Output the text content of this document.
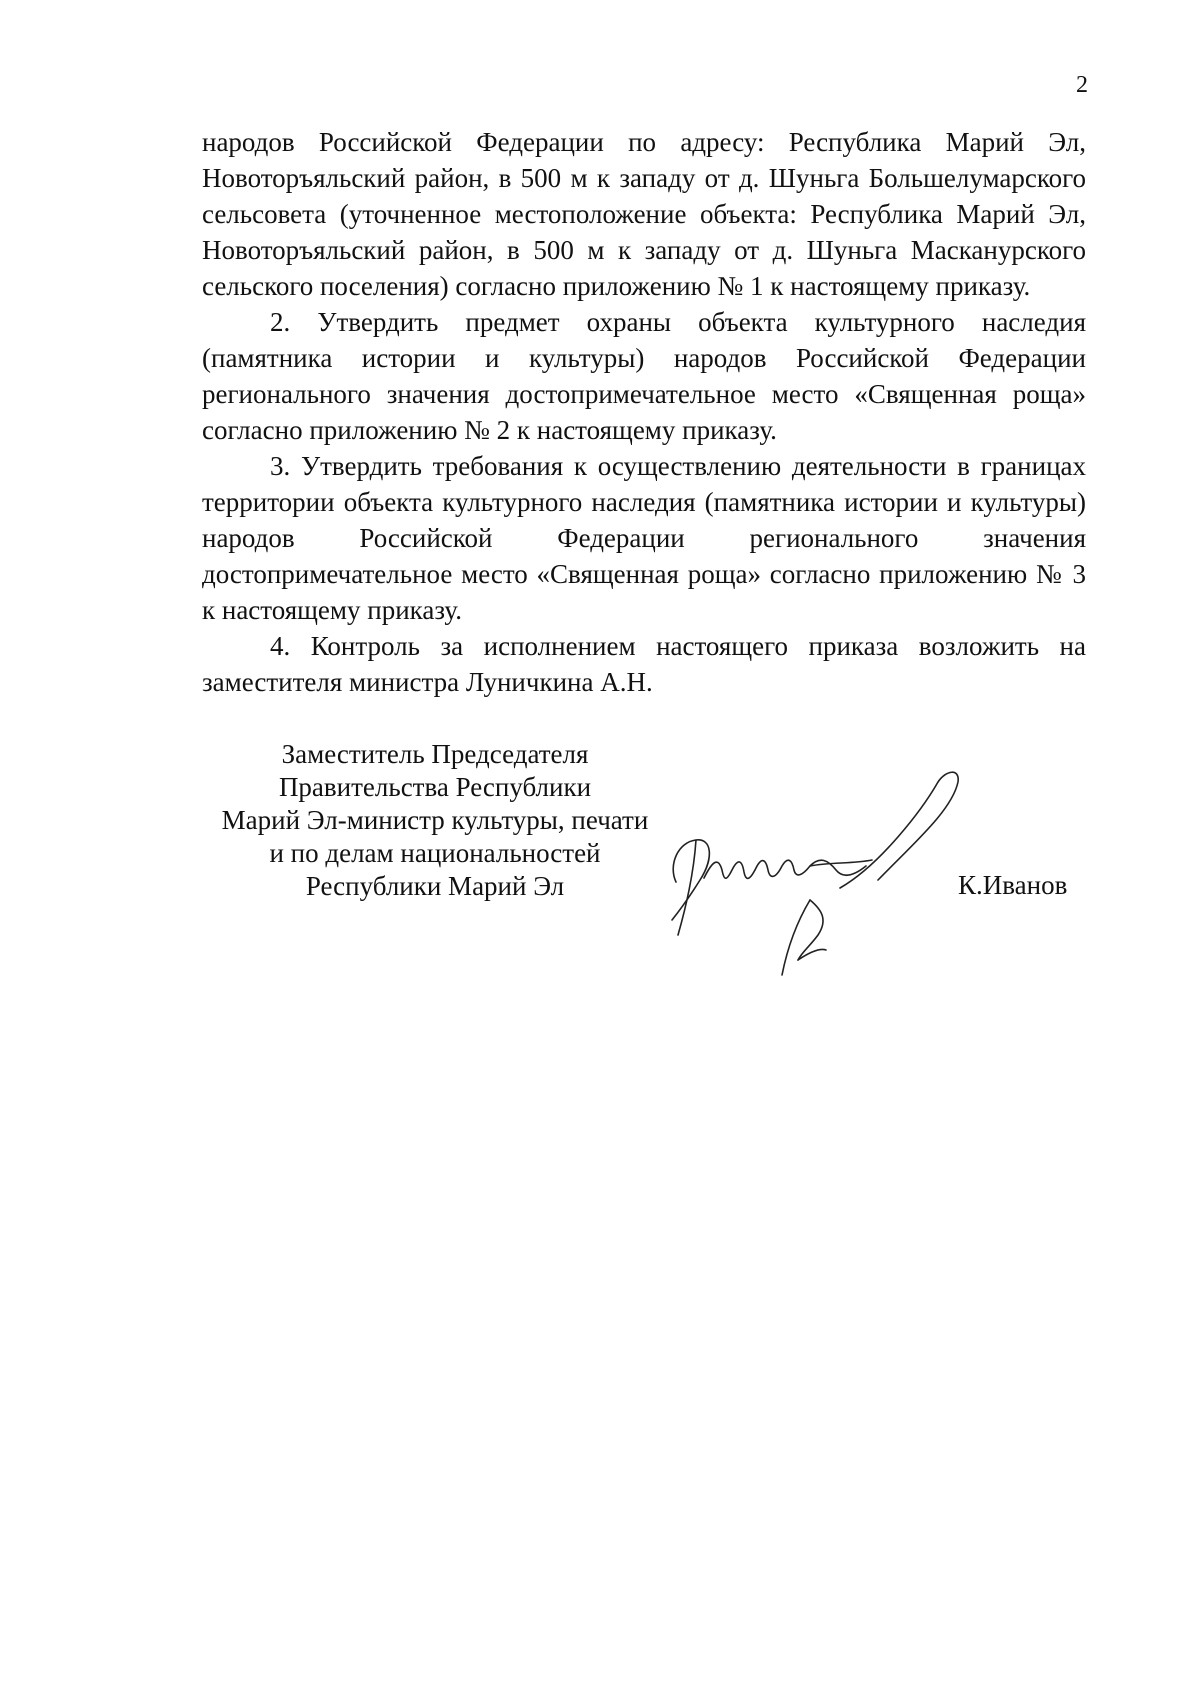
2

народов Российской Федерации по адресу: Республика Марий Эл, Новоторъяльский район, в 500 м к западу от д. Шуньга Большелумарского сельсовета (уточненное местоположение объекта: Республика Марий Эл, Новоторъяльский район, в 500 м к западу от д. Шуньга Масканурского сельского поселения) согласно приложению № 1 к настоящему приказу.

2. Утвердить предмет охраны объекта культурного наследия (памятника истории и культуры) народов Российской Федерации регионального значения достопримечательное место «Священная роща» согласно приложению № 2 к настоящему приказу.

3. Утвердить требования к осуществлению деятельности в границах территории объекта культурного наследия (памятника истории и культуры) народов Российской Федерации регионального значения достопримечательное место «Священная роща» согласно приложению № 3 к настоящему приказу.

4. Контроль за исполнением настоящего приказа возложить на заместителя министра Луничкина А.Н.

Заместитель Председателя
Правительства Республики
Марий Эл-министр культуры, печати
и по делам национальностей
Республики Марий Эл	К.Иванов
